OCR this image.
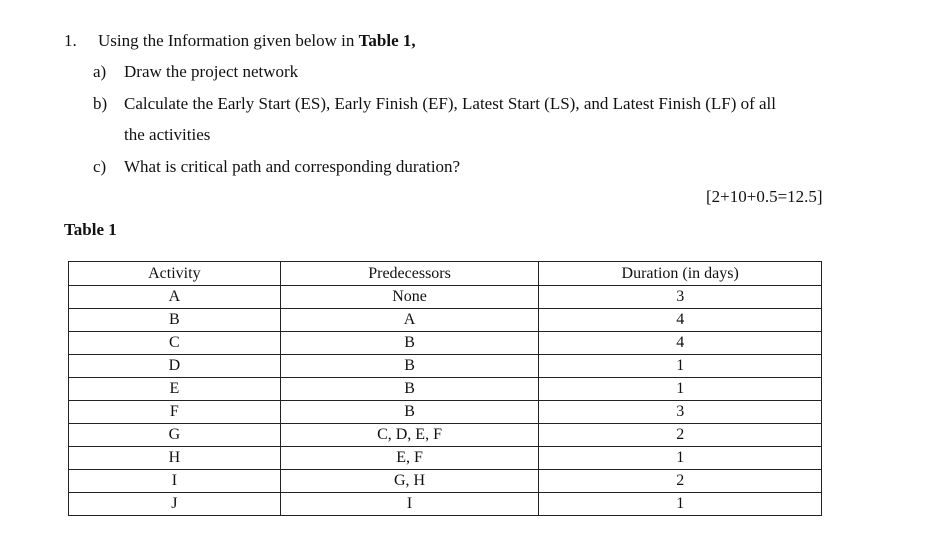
1. Using the Information given below in Table 1,
a) Draw the project network
b) Calculate the Early Start (ES), Early Finish (EF), Latest Start (LS), and Latest Finish (LF) of all
the activities
c) What is critical path and corresponding duration?
[2+10+0.5=12.5]
Table 1
Activity	Predecessors	Duration (in days)
A	None	3
B	A	4
C	B	4
D	B	1
E	B	1
F	B	3
G	C, D, E, F	2
H	E, F	1
I	G, H	2
J	I	1
